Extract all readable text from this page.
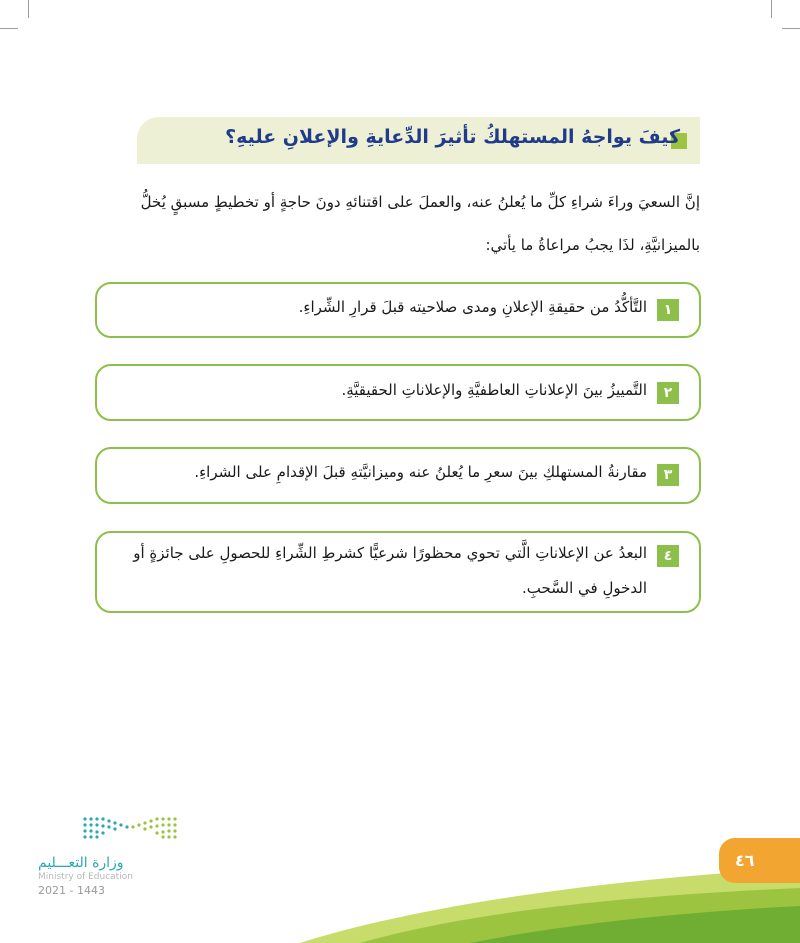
كيفَ يواجهُ المستهلكُ تأثيرَ الدِّعايةِ والإعلانِ عليهِ؟
إنَّ السعيَ وراءَ شراءِ كلِّ ما يُعلنُ عنه، والعملَ على اقتنائهِ دونَ حاجةٍ أو تخطيطٍ مسبقٍ يُخلُّ
بالميزانيَّةِ، لذَا يجبُ مراعاةُ ما يأتي:
١
التَّأكُّدُ من حقيقةِ الإعلانِ ومدى صلاحيته قبلَ قرارِ الشِّراءِ.
٢
التَّمييزُ بينَ الإعلاناتِ العاطفيَّةِ والإعلاناتِ الحقيقيَّةِ.
٣
مقارنةُ المستهلكِ بينَ سعرِ ما يُعلنُ عنه وميزانيَّتهِ قبلَ الإقدامِ على الشراءِ.
٤
البعدُ عن الإعلاناتِ الَّتي تحوي محظورًا شرعيًّا كشرطِ الشِّراءِ للحصولِ على جائزةٍ أو
الدخولِ في السَّحبِ.
وزارة التعـــليم
Ministry of Education
2021 - 1443
٤٦
